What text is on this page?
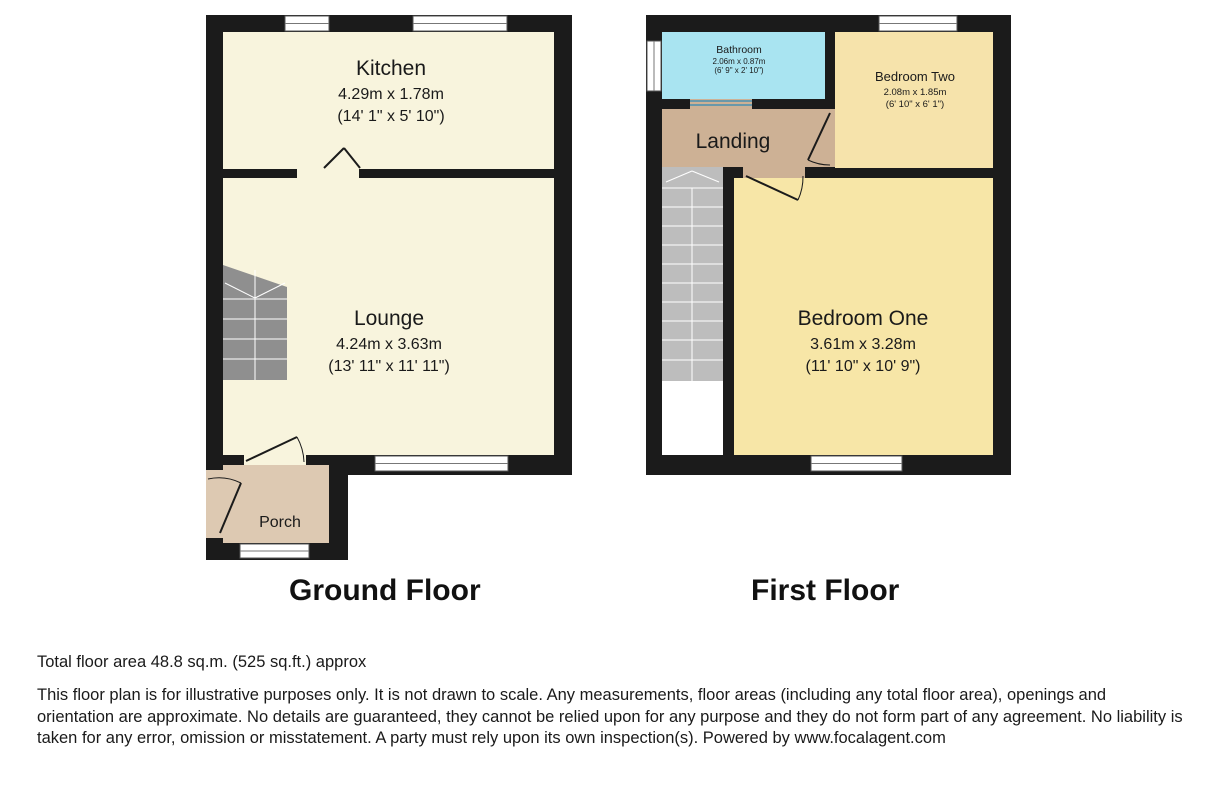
Kitchen
4.29m x 1.78m
(14' 1" x 5' 10")
Lounge
4.24m x 3.63m
(13' 11" x 11' 11")
Porch
Bathroom
2.06m x 0.87m
(6' 9" x 2' 10")	Bedroom Two
2.08m x 1.85m
(6' 10" x 6' 1")
Landing
Bedroom One
3.61m x 3.28m
(11' 10" x 10' 9")
Ground Floor	First Floor
Total floor area 48.8 sq.m. (525 sq.ft.) approx
This floor plan is for illustrative purposes only. It is not drawn to scale. Any measurements, floor areas (including any total floor area), openings and orientation are approximate. No details are guaranteed, they cannot be relied upon for any purpose and they do not form part of any agreement. No liability is taken for any error, omission or misstatement. A party must rely upon its own inspection(s). Powered by www.focalagent.com
